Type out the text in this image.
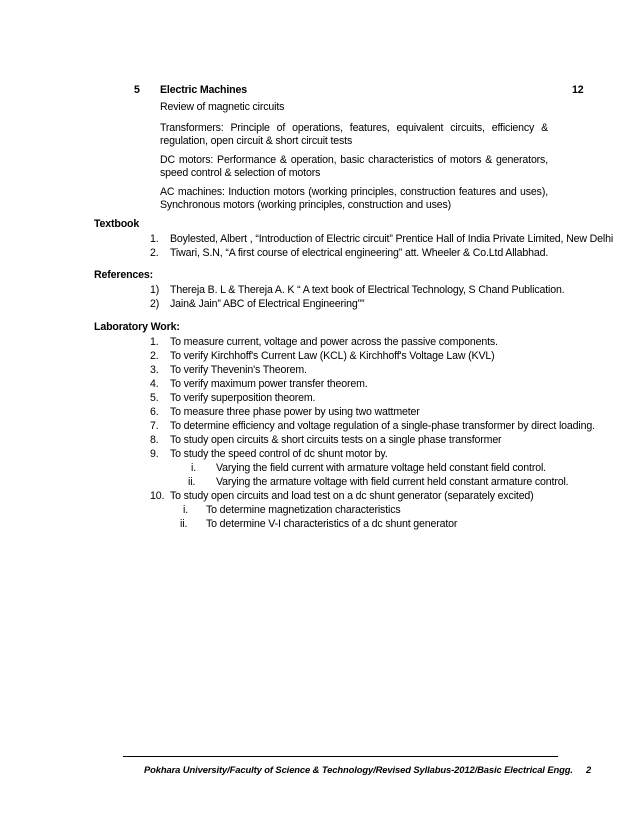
5 Electric Machines	12
Review of magnetic circuits
Transformers: Principle of operations, features, equivalent circuits, efficiency & regulation, open circuit & short circuit tests
DC motors: Performance & operation, basic characteristics of motors & generators, speed control & selection of motors
AC machines: Induction motors (working principles, construction features and uses), Synchronous motors (working principles, construction and uses)
Textbook
1. Boylested, Albert , “Introduction of Electric circuit” Prentice Hall of India Private Limited, New Delhi
2. Tiwari, S.N, “A first course of electrical engineering” att. Wheeler & Co.Ltd Allabhad.
References:
1) Thereja B. L & Thereja A. K “ A text book of Electrical Technology, S Chand Publication.
2) Jain& Jain” ABC of Electrical Engineering””
Laboratory Work:
1. To measure current, voltage and power across the passive components.
2. To verify Kirchhoff's Current Law (KCL) & Kirchhoff's Voltage Law (KVL)
3. To verify Thevenin's Theorem.
4. To verify maximum power transfer theorem.
5. To verify superposition theorem.
6. To measure three phase power by using two wattmeter
7. To determine efficiency and voltage regulation of a single-phase transformer by direct loading.
8. To study open circuits & short circuits tests on a single phase transformer
9. To study the speed control of dc shunt motor by.
i. Varying the field current with armature voltage held constant field control.
ii. Varying the armature voltage with field current held constant armature control.
10. To study open circuits and load test on a dc shunt generator (separately excited)
i. To determine magnetization characteristics
ii. To determine V-I characteristics of a dc shunt generator
Pokhara University/Faculty of Science & Technology/Revised Syllabus-2012/Basic Electrical Engg. 2
